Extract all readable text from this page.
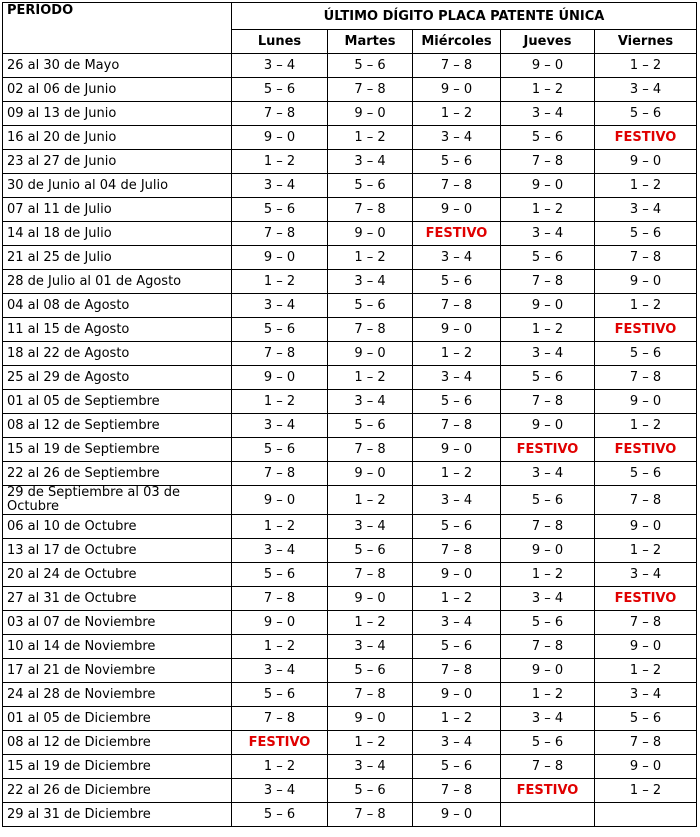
PERÍODO	ÚLTIMO DÍGITO PLACA PATENTE ÚNICA				
	Lunes	Martes	Miércoles	Jueves	Viernes
26 al 30 de Mayo	3 – 4	5 – 6	7 – 8	9 – 0	1 – 2
02 al 06 de Junio	5 – 6	7 – 8	9 – 0	1 – 2	3 – 4
09 al 13 de Junio	7 – 8	9 – 0	1 – 2	3 – 4	5 – 6
16 al 20 de Junio	9 – 0	1 – 2	3 – 4	5 – 6	FESTIVO
23 al 27 de Junio	1 – 2	3 – 4	5 – 6	7 – 8	9 – 0
30 de Junio al 04 de Julio	3 – 4	5 – 6	7 – 8	9 – 0	1 – 2
07 al 11 de Julio	5 – 6	7 – 8	9 – 0	1 – 2	3 – 4
14 al 18 de Julio	7 – 8	9 – 0	FESTIVO	3 – 4	5 – 6
21 al 25 de Julio	9 – 0	1 – 2	3 – 4	5 – 6	7 – 8
28 de Julio al 01 de Agosto	1 – 2	3 – 4	5 – 6	7 – 8	9 – 0
04 al 08 de Agosto	3 – 4	5 – 6	7 – 8	9 – 0	1 – 2
11 al 15 de Agosto	5 – 6	7 – 8	9 – 0	1 – 2	FESTIVO
18 al 22 de Agosto	7 – 8	9 – 0	1 – 2	3 – 4	5 – 6
25 al 29 de Agosto	9 – 0	1 – 2	3 – 4	5 – 6	7 – 8
01 al 05 de Septiembre	1 – 2	3 – 4	5 – 6	7 – 8	9 – 0
08 al 12 de Septiembre	3 – 4	5 – 6	7 – 8	9 – 0	1 – 2
15 al 19 de Septiembre	5 – 6	7 – 8	9 – 0	FESTIVO	FESTIVO
22 al 26 de Septiembre	7 – 8	9 – 0	1 – 2	3 – 4	5 – 6
29 de Septiembre al 03 de Octubre	9 – 0	1 – 2	3 – 4	5 – 6	7 – 8
06 al 10 de Octubre	1 – 2	3 – 4	5 – 6	7 – 8	9 – 0
13 al 17 de Octubre	3 – 4	5 – 6	7 – 8	9 – 0	1 – 2
20 al 24 de Octubre	5 – 6	7 – 8	9 – 0	1 – 2	3 – 4
27 al 31 de Octubre	7 – 8	9 – 0	1 – 2	3 – 4	FESTIVO
03 al 07 de Noviembre	9 – 0	1 – 2	3 – 4	5 – 6	7 – 8
10 al 14 de Noviembre	1 – 2	3 – 4	5 – 6	7 – 8	9 – 0
17 al 21 de Noviembre	3 – 4	5 – 6	7 – 8	9 – 0	1 – 2
24 al 28 de Noviembre	5 – 6	7 – 8	9 – 0	1 – 2	3 – 4
01 al 05 de Diciembre	7 – 8	9 – 0	1 – 2	3 – 4	5 – 6
08 al 12 de Diciembre	FESTIVO	1 – 2	3 – 4	5 – 6	7 – 8
15 al 19 de Diciembre	1 – 2	3 – 4	5 – 6	7 – 8	9 – 0
22 al 26 de Diciembre	3 – 4	5 – 6	7 – 8	FESTIVO	1 – 2
29 al 31 de Diciembre	5 – 6	7 – 8	9 – 0		
